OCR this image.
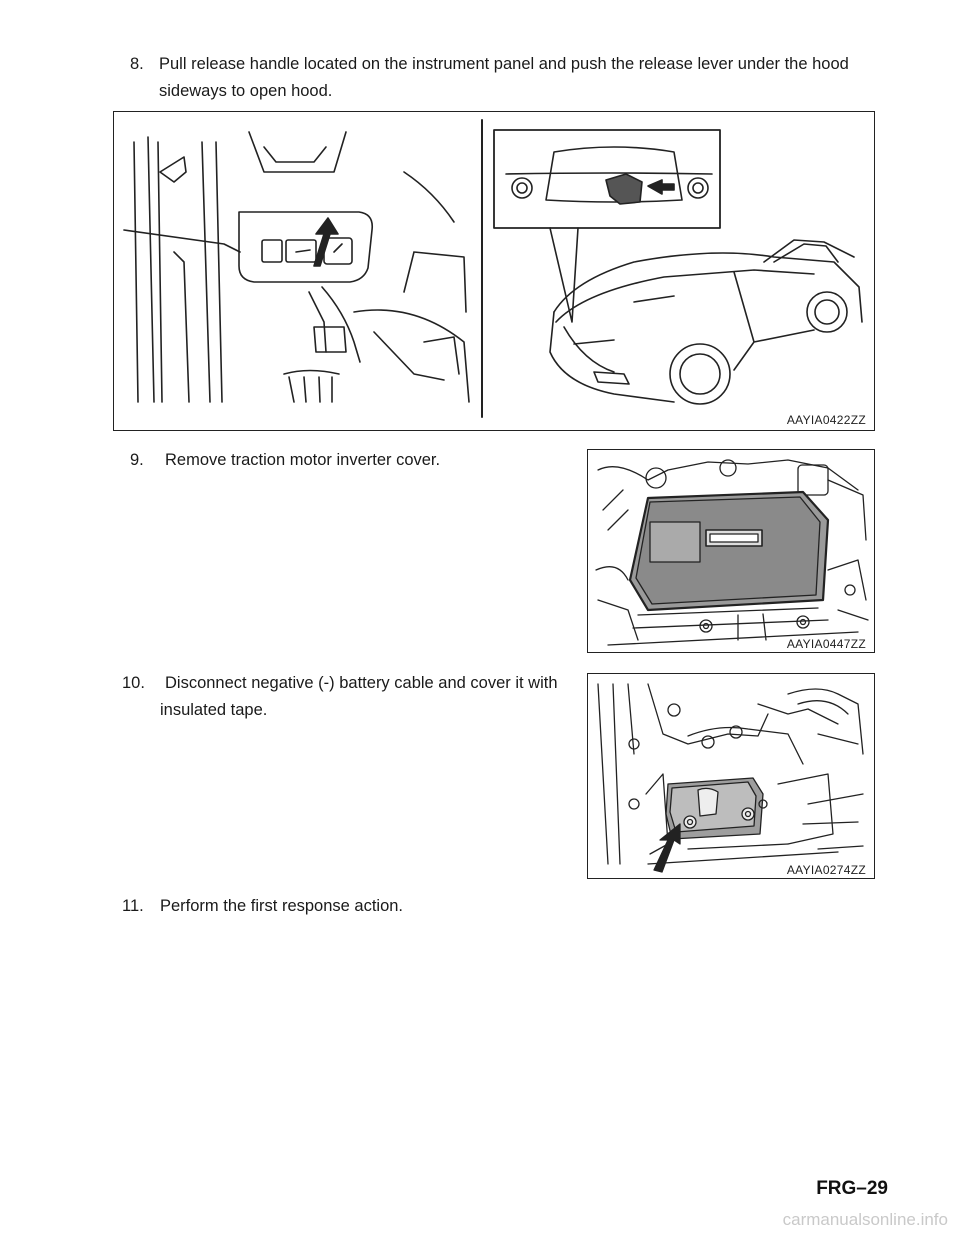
8. Pull release handle located on the instrument panel and push the release lever under the hood
sideways to open hood.
AAYIA0422ZZ
9. Remove traction motor inverter cover.
AAYIA0447ZZ
10. Disconnect negative (-) battery cable and cover it with
insulated tape.
AAYIA0274ZZ
11. Perform the first response action.
FRG–29
carmanualsonline.info
